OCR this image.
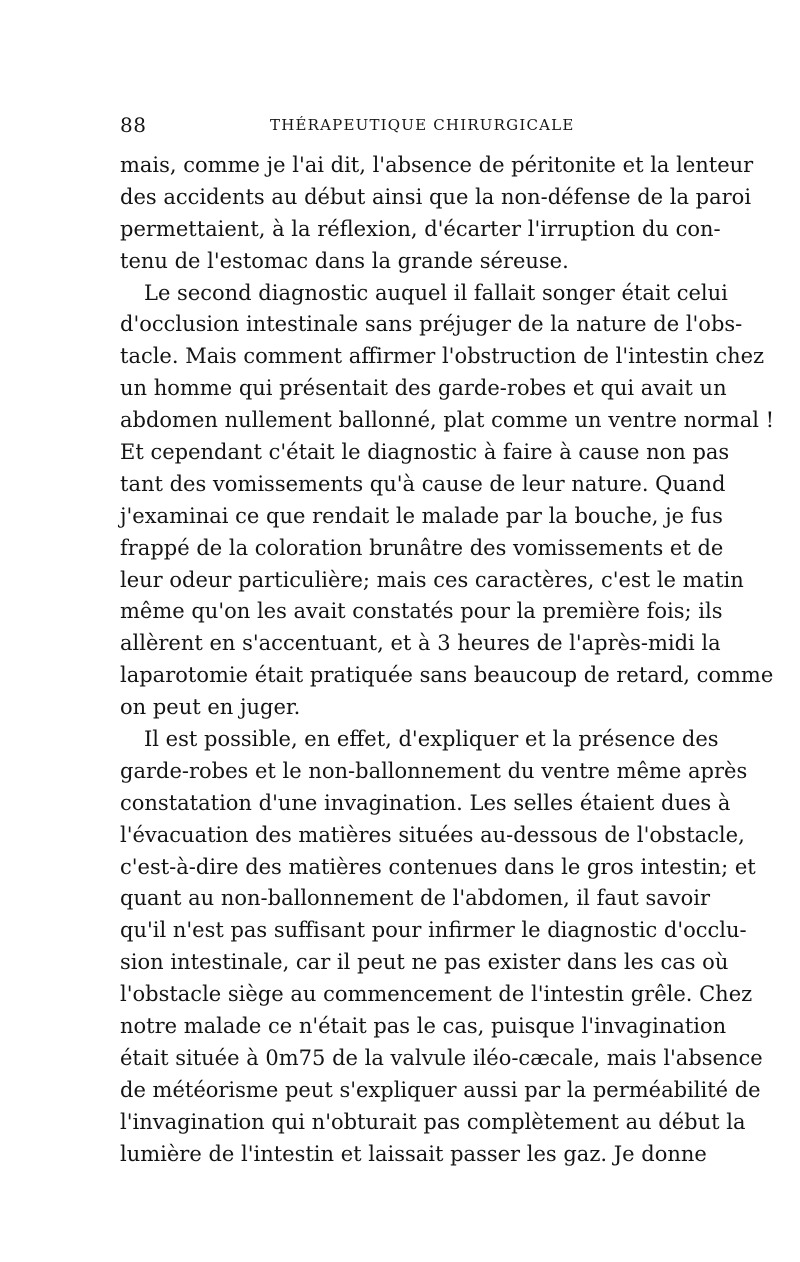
88	THÉRAPEUTIQUE CHIRURGICALE
mais, comme je l'ai dit, l'absence de péritonite et la lenteur
des accidents au début ainsi que la non-défense de la paroi
permettaient, à la réflexion, d'écarter l'irruption du con-
tenu de l'estomac dans la grande séreuse.
Le second diagnostic auquel il fallait songer était celui
d'occlusion intestinale sans préjuger de la nature de l'obs-
tacle. Mais comment affirmer l'obstruction de l'intestin chez
un homme qui présentait des garde-robes et qui avait un
abdomen nullement ballonné, plat comme un ventre normal !
Et cependant c'était le diagnostic à faire à cause non pas
tant des vomissements qu'à cause de leur nature. Quand
j'examinai ce que rendait le malade par la bouche, je fus
frappé de la coloration brunâtre des vomissements et de
leur odeur particulière; mais ces caractères, c'est le matin
même qu'on les avait constatés pour la première fois; ils
allèrent en s'accentuant, et à 3 heures de l'après-midi la
laparotomie était pratiquée sans beaucoup de retard, comme
on peut en juger.
Il est possible, en effet, d'expliquer et la présence des
garde-robes et le non-ballonnement du ventre même après
constatation d'une invagination. Les selles étaient dues à
l'évacuation des matières situées au-dessous de l'obstacle,
c'est-à-dire des matières contenues dans le gros intestin; et
quant au non-ballonnement de l'abdomen, il faut savoir
qu'il n'est pas suffisant pour infirmer le diagnostic d'occlu-
sion intestinale, car il peut ne pas exister dans les cas où
l'obstacle siège au commencement de l'intestin grêle. Chez
notre malade ce n'était pas le cas, puisque l'invagination
était située à 0m75 de la valvule iléo-cæcale, mais l'absence
de météorisme peut s'expliquer aussi par la perméabilité de
l'invagination qui n'obturait pas complètement au début la
lumière de l'intestin et laissait passer les gaz. Je donne
